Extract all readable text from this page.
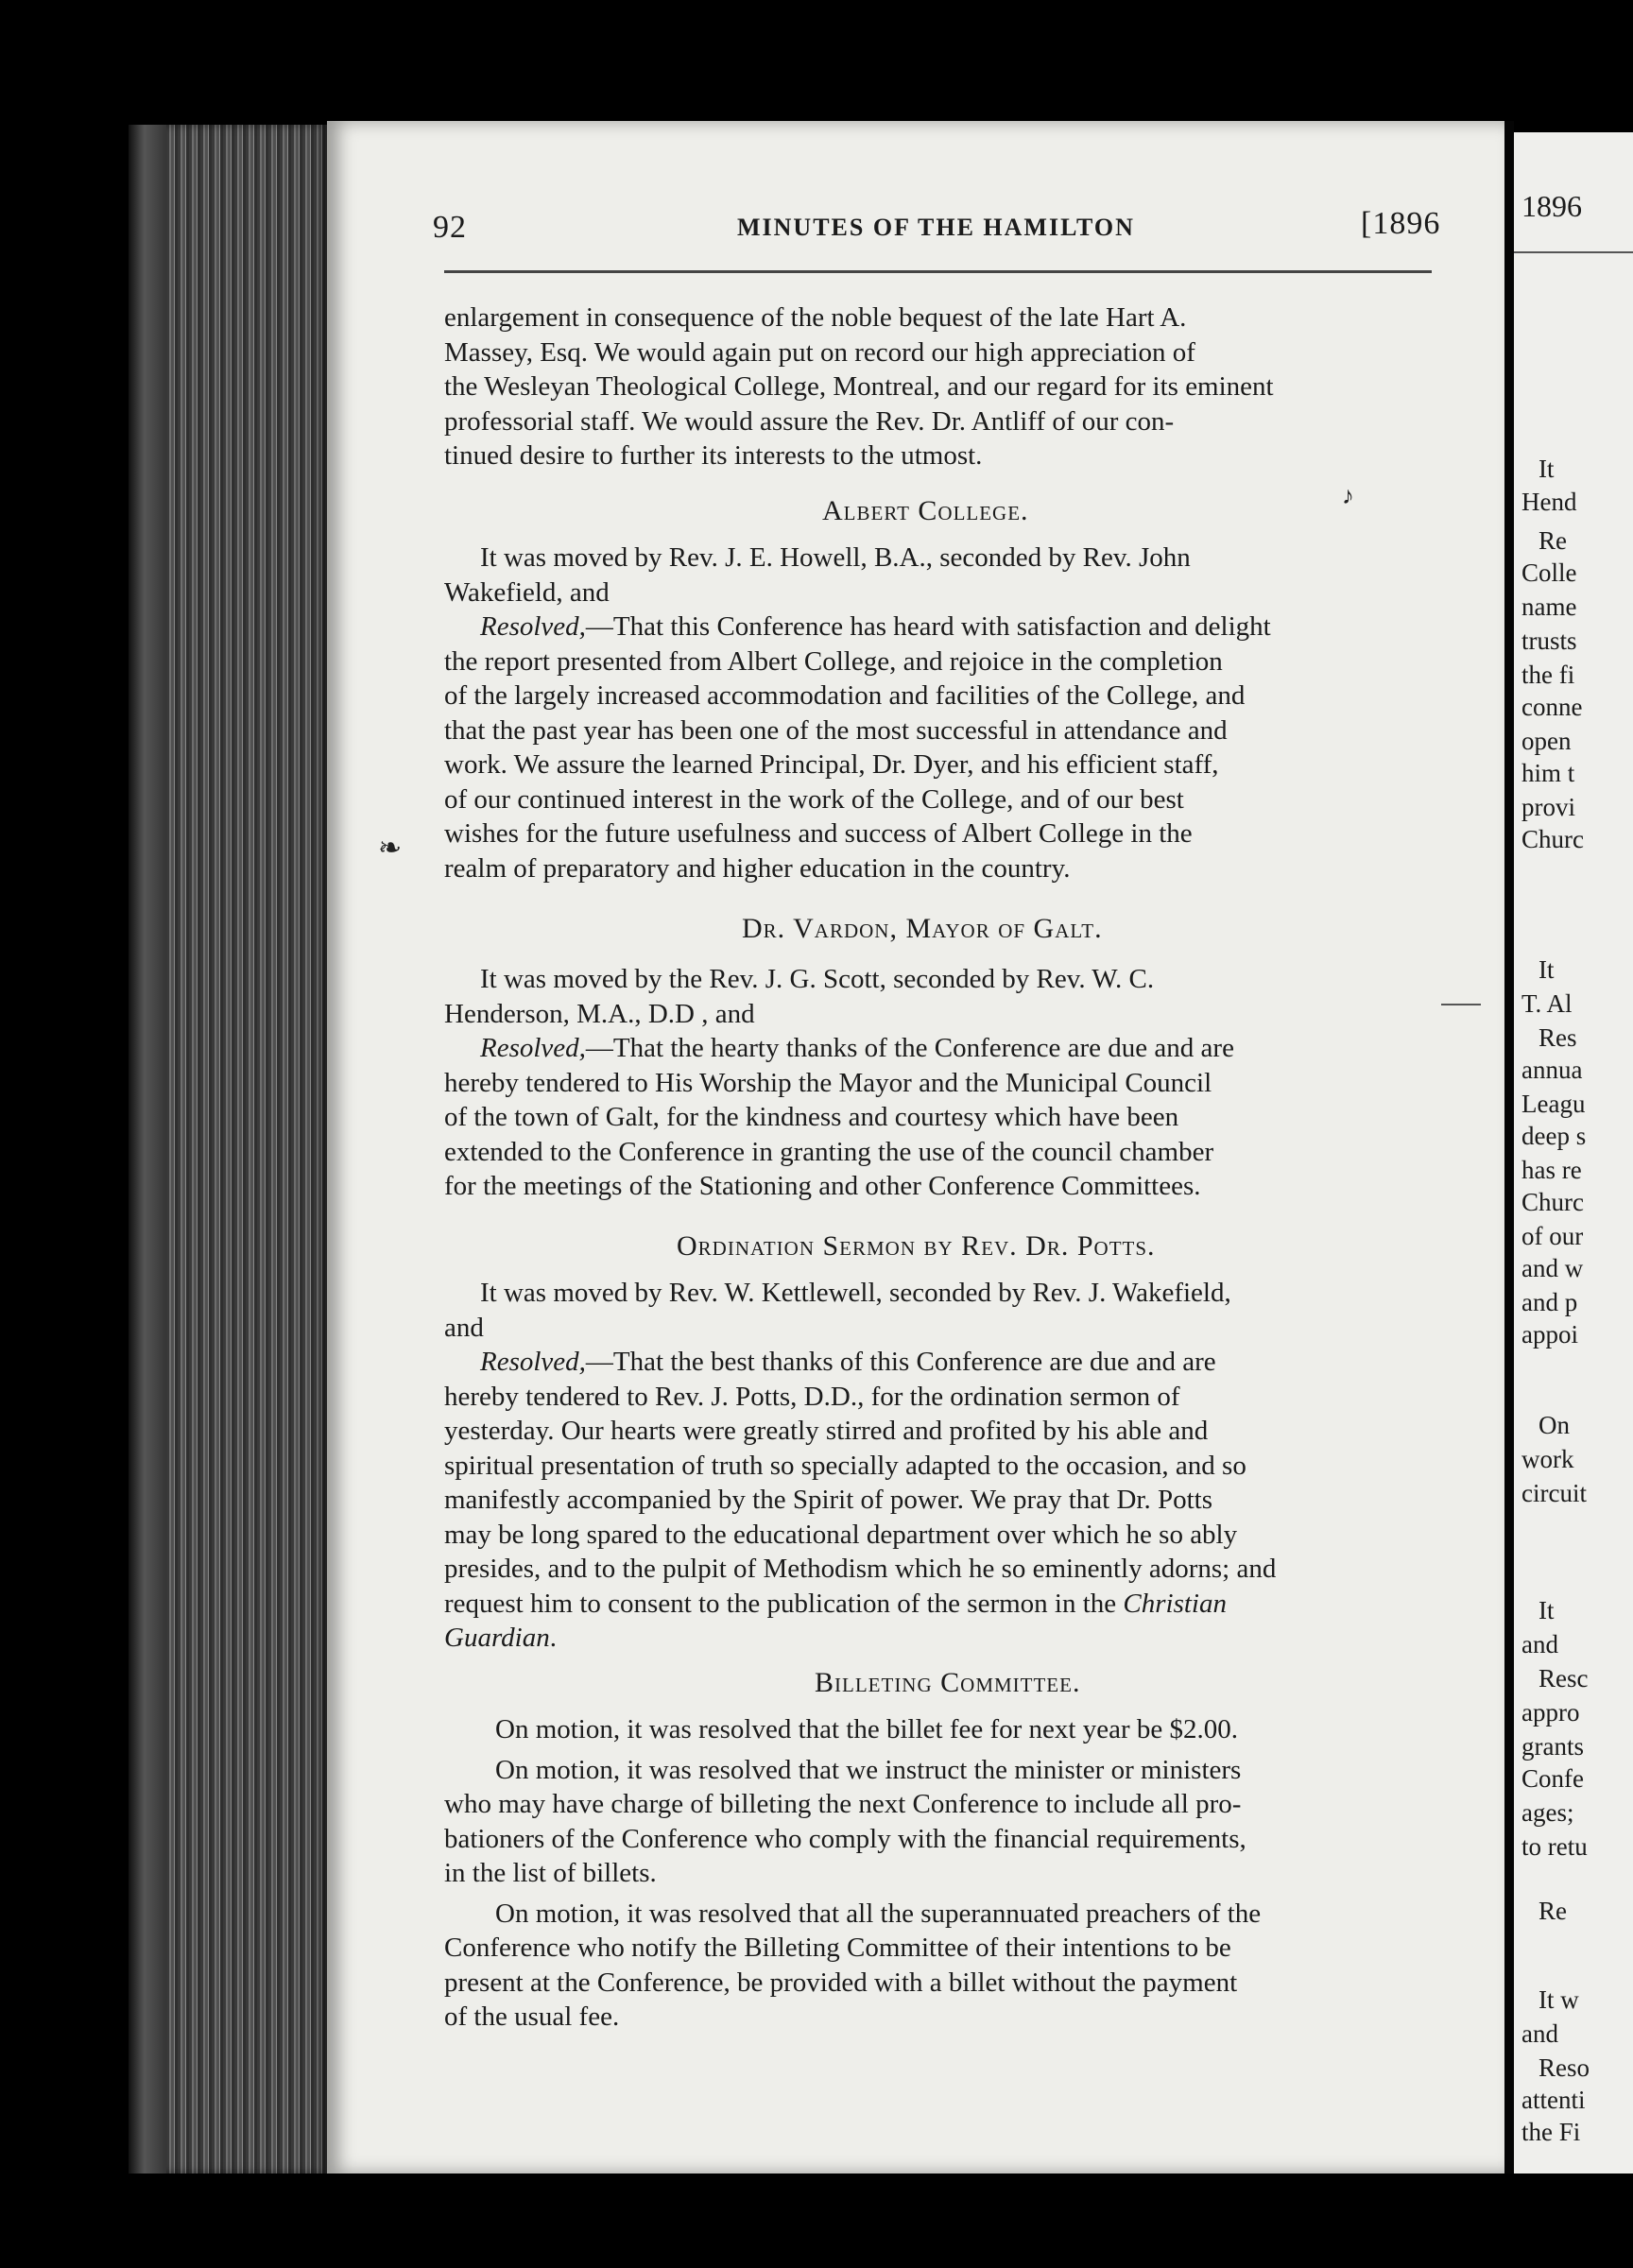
92	MINUTES OF THE HAMILTON	[1896
enlargement in consequence of the noble bequest of the late Hart A.
Massey, Esq. We would again put on record our high appreciation of
the Wesleyan Theological College, Montreal, and our regard for its eminent
professorial staff. We would assure the Rev. Dr. Antliff of our con-
tinued desire to further its interests to the utmost.
Albert College.
It was moved by Rev. J. E. Howell, B.A., seconded by Rev. John
Wakefield, and
Resolved,—That this Conference has heard with satisfaction and delight
the report presented from Albert College, and rejoice in the completion
of the largely increased accommodation and facilities of the College, and
that the past year has been one of the most successful in attendance and
work. We assure the learned Principal, Dr. Dyer, and his efficient staff,
of our continued interest in the work of the College, and of our best
wishes for the future usefulness and success of Albert College in the
realm of preparatory and higher education in the country.
Dr. Vardon, Mayor of Galt.
It was moved by the Rev. J. G. Scott, seconded by Rev. W. C.
Henderson, M.A., D.D , and
Resolved,—That the hearty thanks of the Conference are due and are
hereby tendered to His Worship the Mayor and the Municipal Council
of the town of Galt, for the kindness and courtesy which have been
extended to the Conference in granting the use of the council chamber
for the meetings of the Stationing and other Conference Committees.
Ordination Sermon by Rev. Dr. Potts.
It was moved by Rev. W. Kettlewell, seconded by Rev. J. Wakefield,
and
Resolved,—That the best thanks of this Conference are due and are
hereby tendered to Rev. J. Potts, D.D., for the ordination sermon of
yesterday. Our hearts were greatly stirred and profited by his able and
spiritual presentation of truth so specially adapted to the occasion, and so
manifestly accompanied by the Spirit of power. We pray that Dr. Potts
may be long spared to the educational department over which he so ably
presides, and to the pulpit of Methodism which he so eminently adorns; and
request him to consent to the publication of the sermon in the Christian
Guardian.
Billeting Committee.
On motion, it was resolved that the billet fee for next year be $2.00.
On motion, it was resolved that we instruct the minister or ministers
who may have charge of billeting the next Conference to include all pro-
bationers of the Conference who comply with the financial requirements,
in the list of billets.
On motion, it was resolved that all the superannuated preachers of the
Conference who notify the Billeting Committee of their intentions to be
present at the Conference, be provided with a billet without the payment
of the usual fee.
❧
♪
1896
It
Hend
Re
Colle
name
trusts
the fi
conne
open
him t
provi
Churc
It
T. Al
Res
annua
Leagu
deep s
has re
Churc
of our
and w
and p
appoi
On
work
circuit
It
and
Resc
appro
grants
Confe
ages;
to retu
Re
It w
and
Reso
attenti
the Fi
